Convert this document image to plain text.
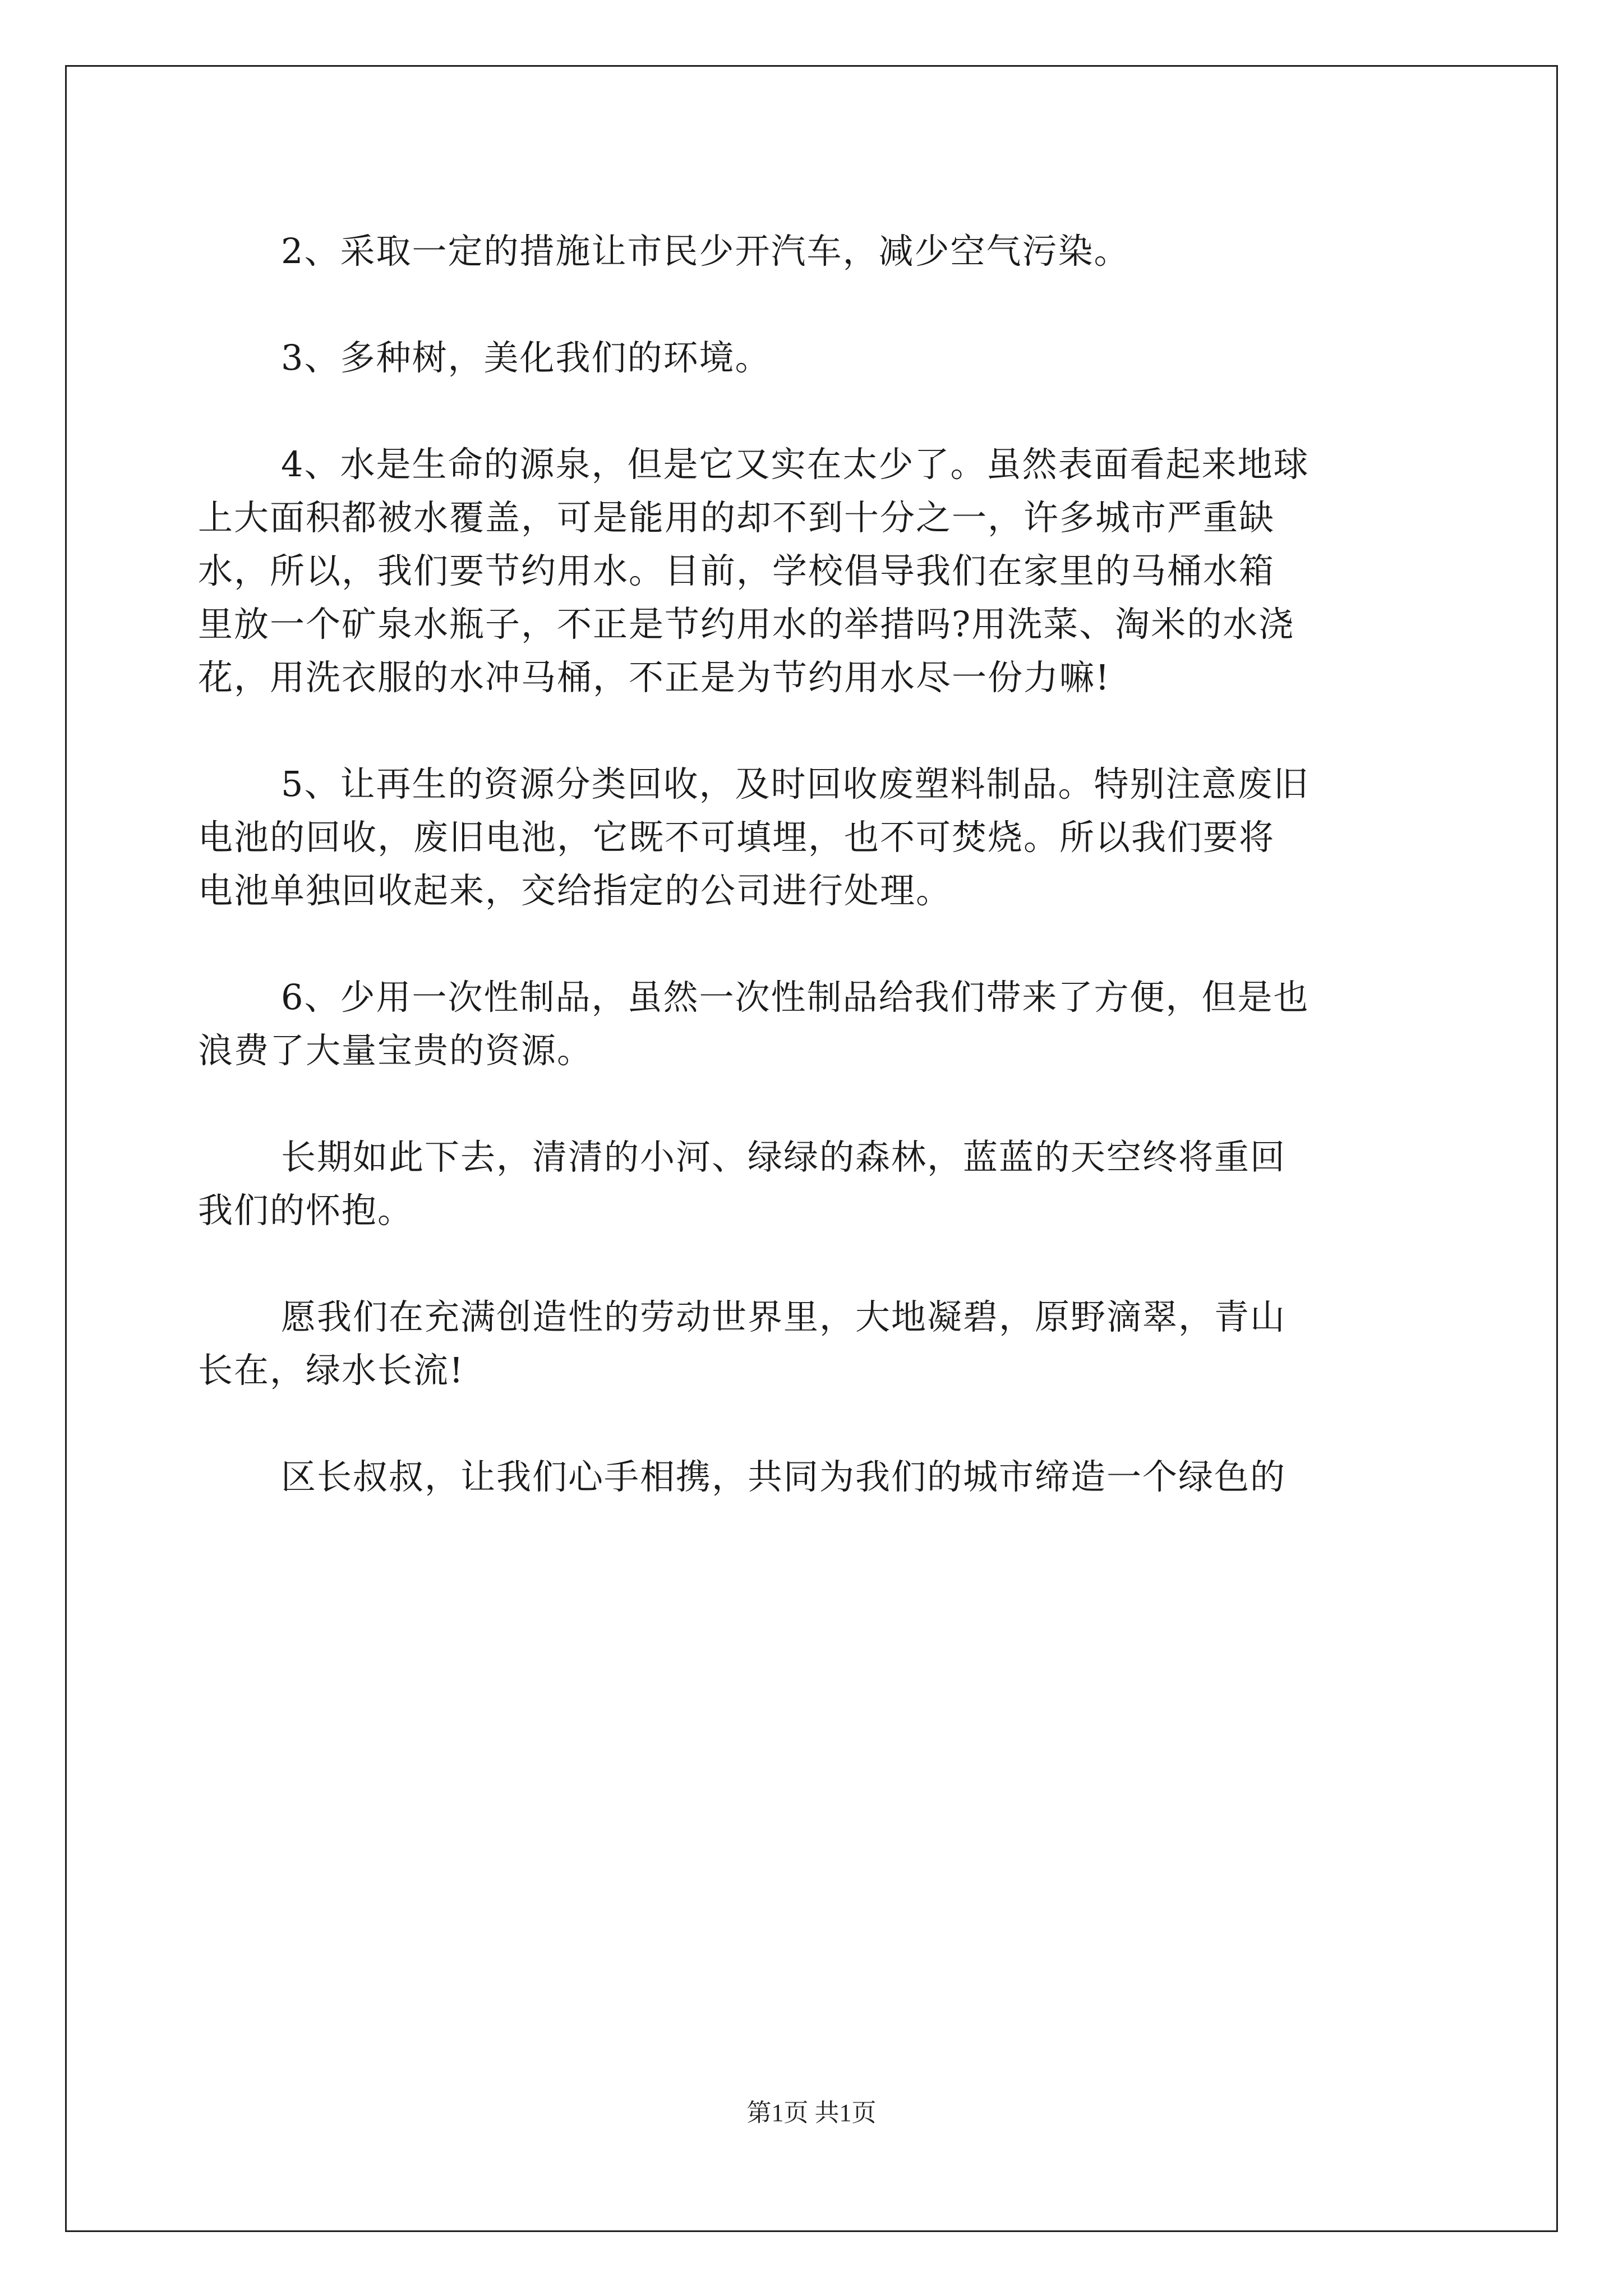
2、采取一定的措施让市民少开汽车，减少空气污染。

3、多种树，美化我们的环境。

4、水是生命的源泉，但是它又实在太少了。虽然表面看起来地球
上大面积都被水覆盖，可是能用的却不到十分之一，许多城市严重缺
水，所以，我们要节约用水。目前，学校倡导我们在家里的马桶水箱
里放一个矿泉水瓶子，不正是节约用水的举措吗?用洗菜、淘米的水浇
花，用洗衣服的水冲马桶，不正是为节约用水尽一份力嘛!

5、让再生的资源分类回收，及时回收废塑料制品。特别注意废旧
电池的回收，废旧电池，它既不可填埋，也不可焚烧。所以我们要将
电池单独回收起来，交给指定的公司进行处理。

6、少用一次性制品，虽然一次性制品给我们带来了方便，但是也
浪费了大量宝贵的资源。

长期如此下去，清清的小河、绿绿的森林，蓝蓝的天空终将重回
我们的怀抱。

愿我们在充满创造性的劳动世界里，大地凝碧，原野滴翠，青山
长在，绿水长流!

区长叔叔，让我们心手相携，共同为我们的城市缔造一个绿色的

第1页 共1页
